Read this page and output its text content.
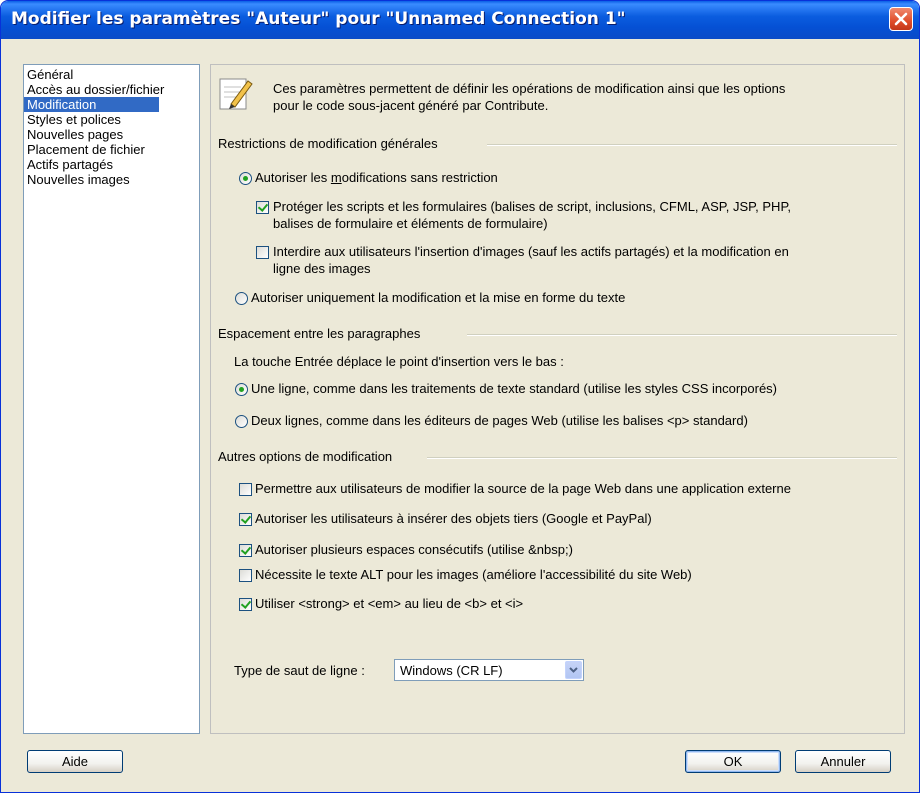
Modifier les paramètres "Auteur" pour "Unnamed Connection 1"
Général
Accès au dossier/fichier
Modification
Styles et polices
Nouvelles pages
Placement de fichier
Actifs partagés
Nouvelles images
Ces paramètres permettent de définir les opérations de modification ainsi que les options
pour le code sous-jacent généré par Contribute.
Restrictions de modification générales
Autoriser les modifications sans restriction
Protéger les scripts et les formulaires (balises de script, inclusions, CFML, ASP, JSP, PHP,
balises de formulaire et éléments de formulaire)
Interdire aux utilisateurs l'insertion d'images (sauf les actifs partagés) et la modification en
ligne des images
Autoriser uniquement la modification et la mise en forme du texte
Espacement entre les paragraphes
La touche Entrée déplace le point d'insertion vers le bas :
Une ligne, comme dans les traitements de texte standard (utilise les styles CSS incorporés)
Deux lignes, comme dans les éditeurs de pages Web (utilise les balises <p> standard)
Autres options de modification
Permettre aux utilisateurs de modifier la source de la page Web dans une application externe
Autoriser les utilisateurs à insérer des objets tiers (Google et PayPal)
Autoriser plusieurs espaces consécutifs (utilise &nbsp;)
Nécessite le texte ALT pour les images (améliore l'accessibilité du site Web)
Utiliser <strong> et <em> au lieu de <b> et <i>
Type de saut de ligne :	Windows (CR LF)
Aide	OK	Annuler
